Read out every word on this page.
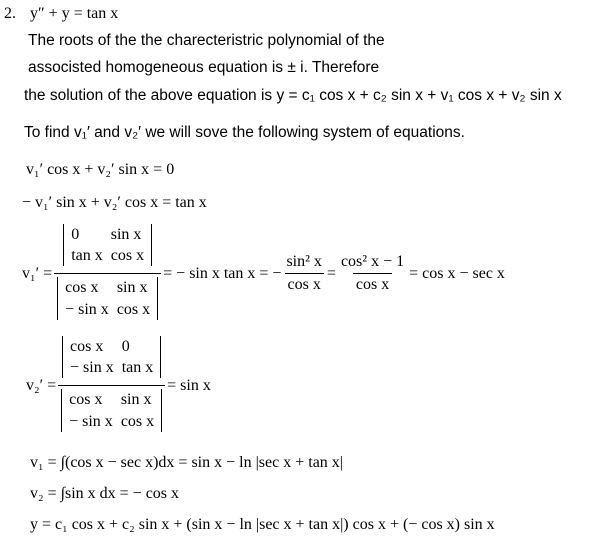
2. y″ + y = tan x
The roots of the the charecteristric polynomial of the
associsted homogeneous equation is ± i. Therefore
the solution of the above equation is y = c₁ cos x + c₂ sin x + v₁ cos x + v₂ sin x
To find v₁′ and v₂′ we will sove the following system of equations.
v₁′ cos x + v₂′ sin x = 0
− v₁′ sin x + v₂′ cos x = tan x
v₁′ = 0	sin x
tan x	cos x
cos x	sin x
− sin x	cos x = − sin x tan x = − $\frac{\text{sin² x}}{\text{cos x}} = \frac{\text{cos² x − 1}}{\text{cos x}} = \cos x - \sec x$
v₂′ = cos x	0
− sin x	tan x
cos x	sin x
− sin x	cos x = sin x
v₁ = ∫(cos x − sec x)dx = sin x − ln |sec x + tan x|
v₂ = ∫sin x dx = − cos x
y = c₁ cos x + c₂ sin x + (sin x − ln |sec x + tan x|) cos x + (− cos x) sin x
